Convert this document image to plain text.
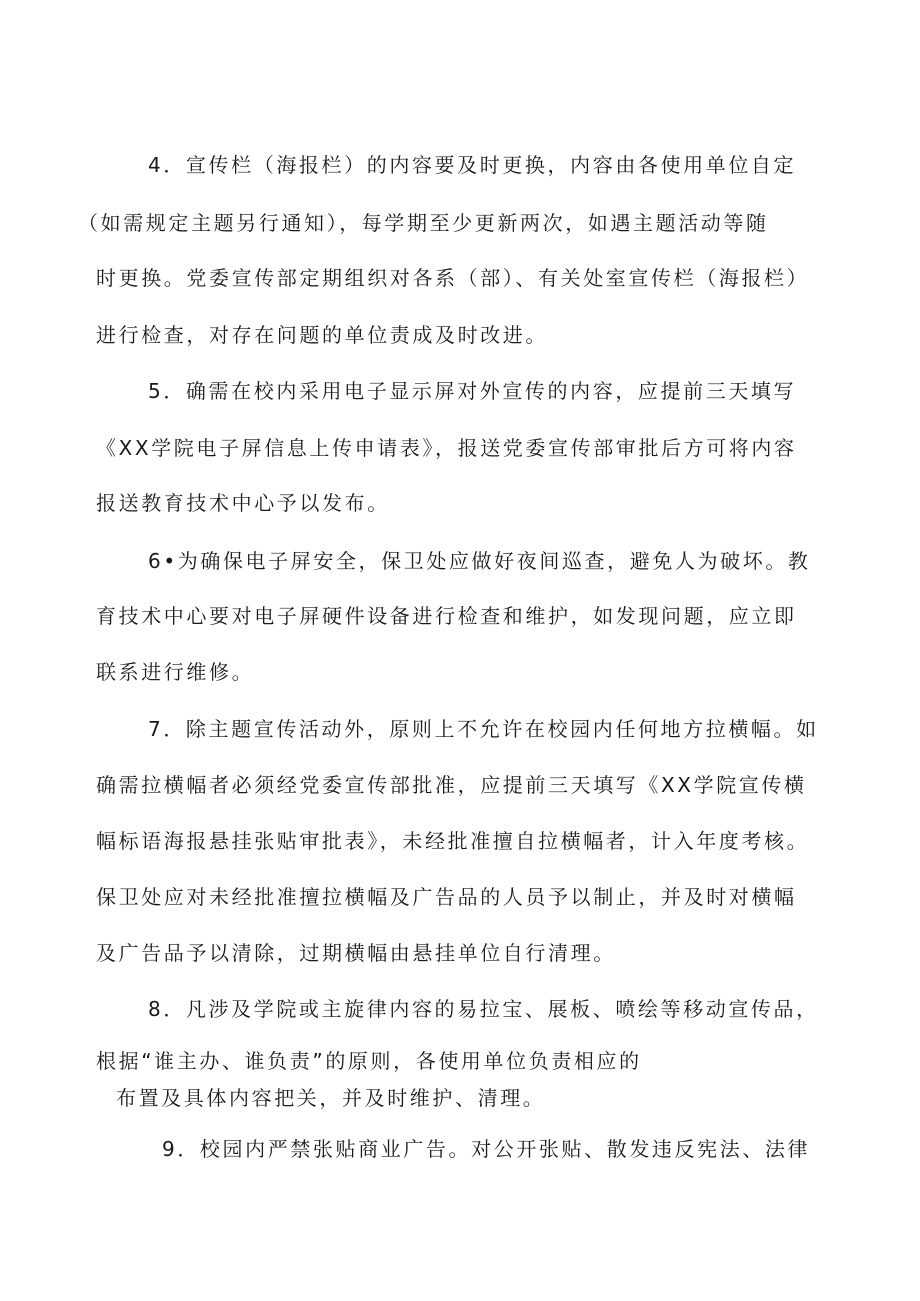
4．宣传栏（海报栏）的内容要及时更换，内容由各使用单位自定
（如需规定主题另行通知），每学期至少更新两次，如遇主题活动等随
时更换。党委宣传部定期组织对各系（部）、有关处室宣传栏（海报栏）
进行检查，对存在问题的单位责成及时改进。
5．确需在校内采用电子显示屏对外宣传的内容，应提前三天填写
《XX学院电子屏信息上传申请表》，报送党委宣传部审批后方可将内容
报送教育技术中心予以发布。
6•为确保电子屏安全，保卫处应做好夜间巡查，避免人为破坏。教
育技术中心要对电子屏硬件设备进行检查和维护，如发现问题，应立即
联系进行维修。
7．除主题宣传活动外，原则上不允许在校园内任何地方拉横幅。如
确需拉横幅者必须经党委宣传部批准，应提前三天填写《XX学院宣传横
幅标语海报悬挂张贴审批表》，未经批准擅自拉横幅者，计入年度考核。
保卫处应对未经批准擅拉横幅及广告品的人员予以制止，并及时对横幅
及广告品予以清除，过期横幅由悬挂单位自行清理。
8．凡涉及学院或主旋律内容的易拉宝、展板、喷绘等移动宣传品，
根据“谁主办、谁负责”的原则，各使用单位负责相应的
布置及具体内容把关，并及时维护、清理。
9．校园内严禁张贴商业广告。对公开张贴、散发违反宪法、法律
